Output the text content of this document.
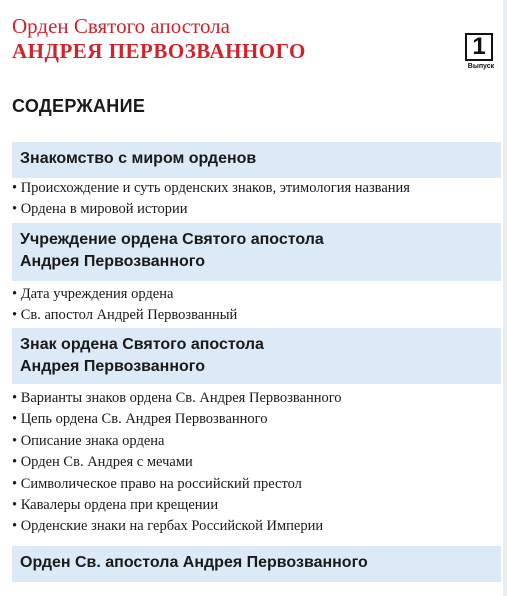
Орден Святого апостола
АНДРЕЯ ПЕРВОЗВАННОГО	1
Выпуск
СОДЕРЖАНИЕ
Знакомство с миром орденов
• Происхождение и суть орденских знаков, этимология названия
• Ордена в мировой истории
Учреждение ордена Святого апостола
Андрея Первозванного
• Дата учреждения ордена
• Св. апостол Андрей Первозванный
Знак ордена Святого апостола
Андрея Первозванного
• Варианты знаков ордена Св. Андрея Первозванного
• Цепь ордена Св. Андрея Первозванного
• Описание знака ордена
• Орден Св. Андрея с мечами
• Символическое право на российский престол
• Кавалеры ордена при крещении
• Орденские знаки на гербах Российской Империи
Орден Св. апостола Андрея Первозванного
